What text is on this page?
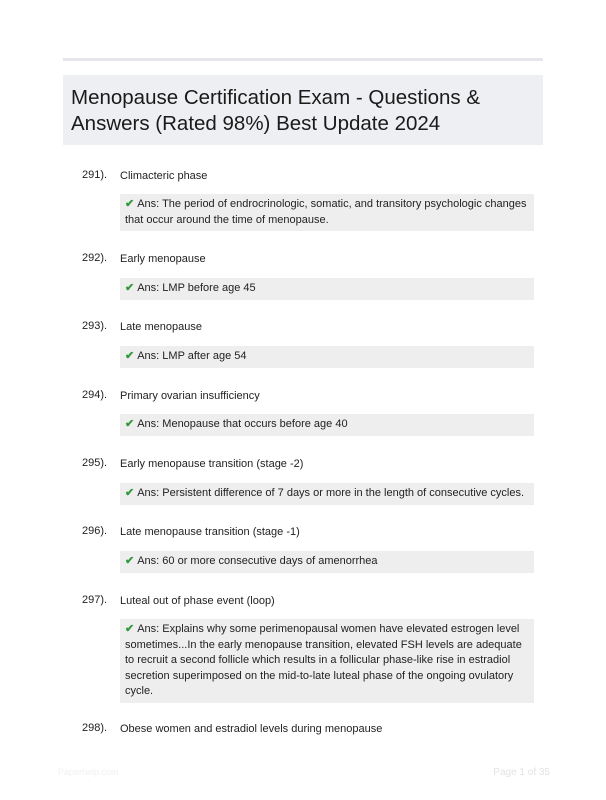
Menopause Certification Exam - Questions & Answers (Rated 98%) Best Update 2024
291). Climacteric phase
✔ Ans: The period of endrocrinologic, somatic, and transitory psychologic changes that occur around the time of menopause.
292). Early menopause
✔ Ans: LMP before age 45
293). Late menopause
✔ Ans: LMP after age 54
294). Primary ovarian insufficiency
✔ Ans: Menopause that occurs before age 40
295). Early menopause transition (stage -2)
✔ Ans: Persistent difference of 7 days or more in the length of consecutive cycles.
296). Late menopause transition (stage -1)
✔ Ans: 60 or more consecutive days of amenorrhea
297). Luteal out of phase event (loop)
✔ Ans: Explains why some perimenopausal women have elevated estrogen level sometimes...In the early menopause transition, elevated FSH levels are adequate to recruit a second follicle which results in a follicular phase-like rise in estradiol secretion superimposed on the mid-to-late luteal phase of the ongoing ovulatory cycle.
298). Obese women and estradiol levels during menopause
Paperhelp.com	Page 1 of 35
